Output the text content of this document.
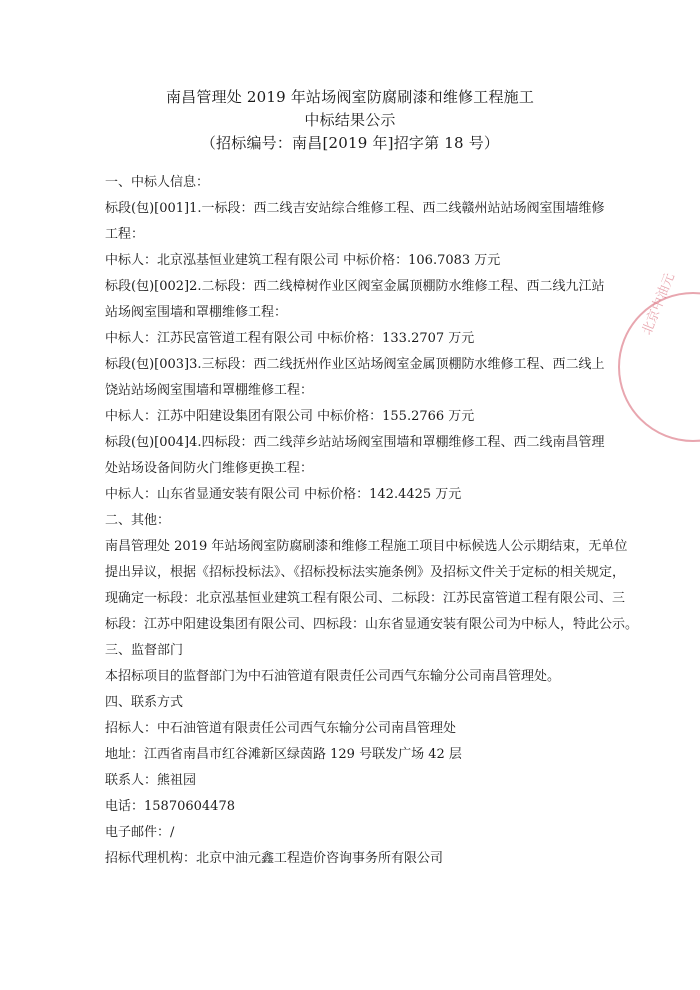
南昌管理处 2019 年站场阀室防腐刷漆和维修工程施工
中标结果公示
（招标编号：南昌[2019 年]招字第 18 号）
一、中标人信息：
标段(包)[001]1.一标段：西二线吉安站综合维修工程、西二线赣州站站场阀室围墙维修
工程：
中标人：北京泓基恒业建筑工程有限公司 中标价格：106.7083 万元
标段(包)[002]2.二标段：西二线樟树作业区阀室金属顶棚防水维修工程、西二线九江站
站场阀室围墙和罩棚维修工程：
中标人：江苏民富管道工程有限公司 中标价格：133.2707 万元
标段(包)[003]3.三标段：西二线抚州作业区站场阀室金属顶棚防水维修工程、西二线上
饶站站场阀室围墙和罩棚维修工程：
中标人：江苏中阳建设集团有限公司 中标价格：155.2766 万元
标段(包)[004]4.四标段：西二线萍乡站站场阀室围墙和罩棚维修工程、西二线南昌管理
处站场设备间防火门维修更换工程：
中标人：山东省显通安装有限公司 中标价格：142.4425 万元
二、其他：
南昌管理处 2019 年站场阀室防腐刷漆和维修工程施工项目中标候选人公示期结束，无单位
提出异议，根据《招标投标法》、《招标投标法实施条例》及招标文件关于定标的相关规定，
现确定一标段：北京泓基恒业建筑工程有限公司、二标段：江苏民富管道工程有限公司、三
标段：江苏中阳建设集团有限公司、四标段：山东省显通安装有限公司为中标人，特此公示。
三、监督部门
本招标项目的监督部门为中石油管道有限责任公司西气东输分公司南昌管理处。
四、联系方式
招标人：中石油管道有限责任公司西气东输分公司南昌管理处
地址：江西省南昌市红谷滩新区绿茵路 129 号联发广场 42 层
联系人：熊祖园
电话：15870604478
电子邮件：/
招标代理机构：北京中油元鑫工程造价咨询事务所有限公司
北京中油元
